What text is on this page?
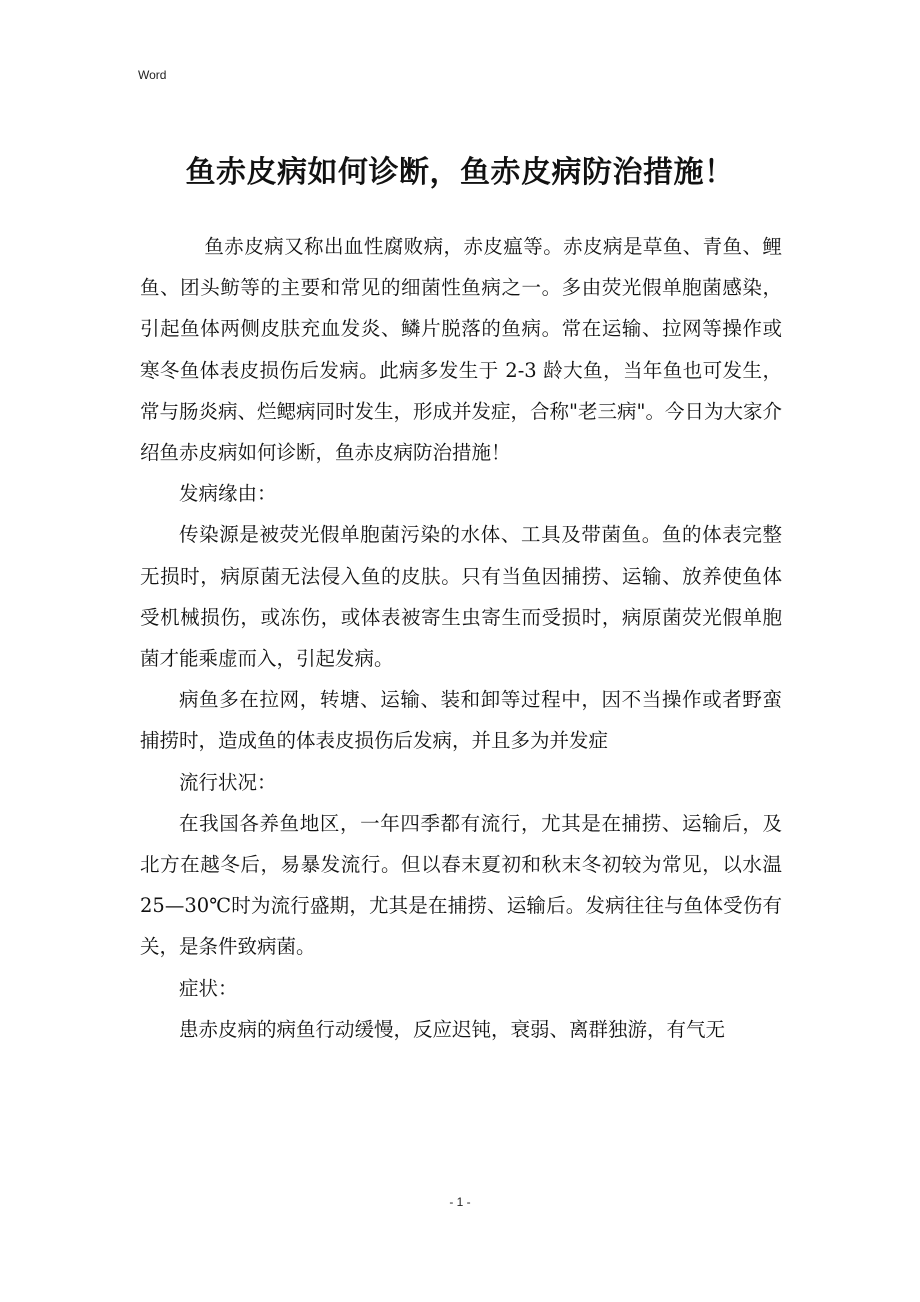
Word
鱼赤皮病如何诊断，鱼赤皮病防治措施！

鱼赤皮病又称出血性腐败病，赤皮瘟等。赤皮病是草鱼、青鱼、鲤鱼、团头鲂等的主要和常见的细菌性鱼病之一。多由荧光假单胞菌感染，引起鱼体两侧皮肤充血发炎、鳞片脱落的鱼病。常在运输、拉网等操作或寒冬鱼体表皮损伤后发病。此病多发生于 2-3 龄大鱼，当年鱼也可发生，常与肠炎病、烂鳃病同时发生，形成并发症，合称"老三病"。今日为大家介绍鱼赤皮病如何诊断，鱼赤皮病防治措施！

发病缘由：

传染源是被荧光假单胞菌污染的水体、工具及带菌鱼。鱼的体表完整无损时，病原菌无法侵入鱼的皮肤。只有当鱼因捕捞、运输、放养使鱼体受机械损伤，或冻伤，或体表被寄生虫寄生而受损时，病原菌荧光假单胞菌才能乘虚而入，引起发病。

病鱼多在拉网，转塘、运输、装和卸等过程中，因不当操作或者野蛮捕捞时，造成鱼的体表皮损伤后发病，并且多为并发症

流行状况：

在我国各养鱼地区，一年四季都有流行，尤其是在捕捞、运输后，及北方在越冬后，易暴发流行。但以春末夏初和秋末冬初较为常见，以水温 25—30℃时为流行盛期，尤其是在捕捞、运输后。发病往往与鱼体受伤有关，是条件致病菌。

症状：

患赤皮病的病鱼行动缓慢，反应迟钝，衰弱、离群独游，有气无

- 1 -
